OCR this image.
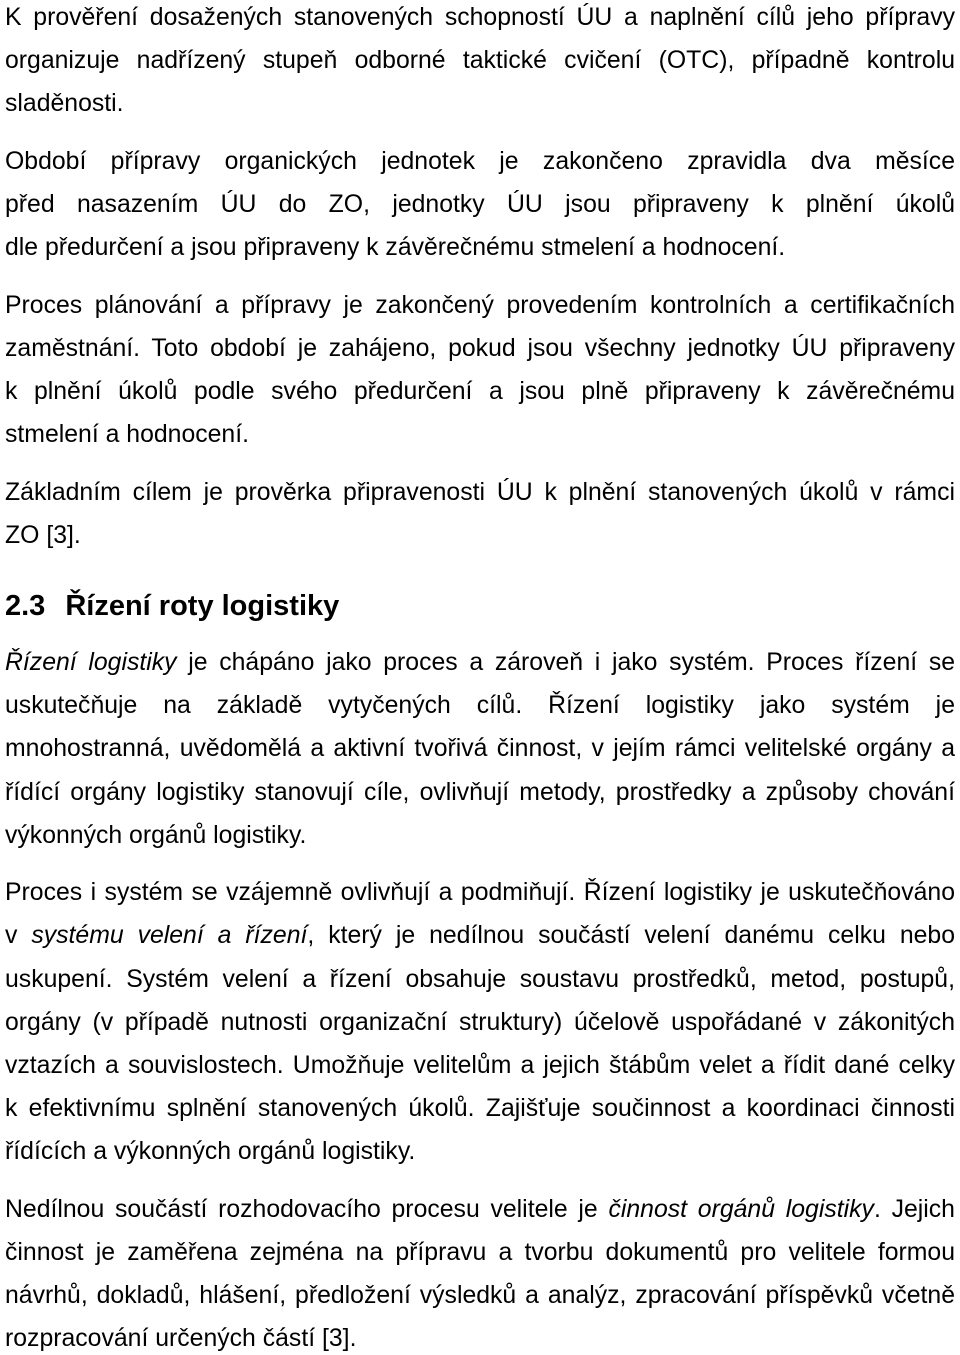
K prověření dosažených stanovených schopností ÚU a naplnění cílů jeho přípravy
organizuje nadřízený stupeň odborné taktické cvičení (OTC), případně kontrolu
sladěnosti.
Období přípravy organických jednotek je zakončeno zpravidla dva měsíce
před nasazením ÚU do ZO, jednotky ÚU jsou připraveny k plnění úkolů
dle předurčení a jsou připraveny k závěrečnému stmelení a hodnocení.
Proces plánování a přípravy je zakončený provedením kontrolních a certifikačních
zaměstnání. Toto období je zahájeno, pokud jsou všechny jednotky ÚU připraveny
k plnění úkolů podle svého předurčení a jsou plně připraveny k závěrečnému
stmelení a hodnocení.
Základním cílem je prověrka připravenosti ÚU k plnění stanovených úkolů v rámci
ZO [3].
2.3 Řízení roty logistiky
Řízení logistiky je chápáno jako proces a zároveň i jako systém. Proces řízení se
uskutečňuje na základě vytyčených cílů. Řízení logistiky jako systém je
mnohostranná, uvědomělá a aktivní tvořivá činnost, v jejím rámci velitelské orgány a
řídící orgány logistiky stanovují cíle, ovlivňují metody, prostředky a způsoby chování
výkonných orgánů logistiky.
Proces i systém se vzájemně ovlivňují a podmiňují. Řízení logistiky je uskutečňováno
v systému velení a řízení, který je nedílnou součástí velení danému celku nebo
uskupení. Systém velení a řízení obsahuje soustavu prostředků, metod, postupů,
orgány (v případě nutnosti organizační struktury) účelově uspořádané v zákonitých
vztazích a souvislostech. Umožňuje velitelům a jejich štábům velet a řídit dané celky
k efektivnímu splnění stanovených úkolů. Zajišťuje součinnost a koordinaci činnosti
řídících a výkonných orgánů logistiky.
Nedílnou součástí rozhodovacího procesu velitele je činnost orgánů logistiky. Jejich
činnost je zaměřena zejména na přípravu a tvorbu dokumentů pro velitele formou
návrhů, dokladů, hlášení, předložení výsledků a analýz, zpracování příspěvků včetně
rozpracování určených částí [3].
